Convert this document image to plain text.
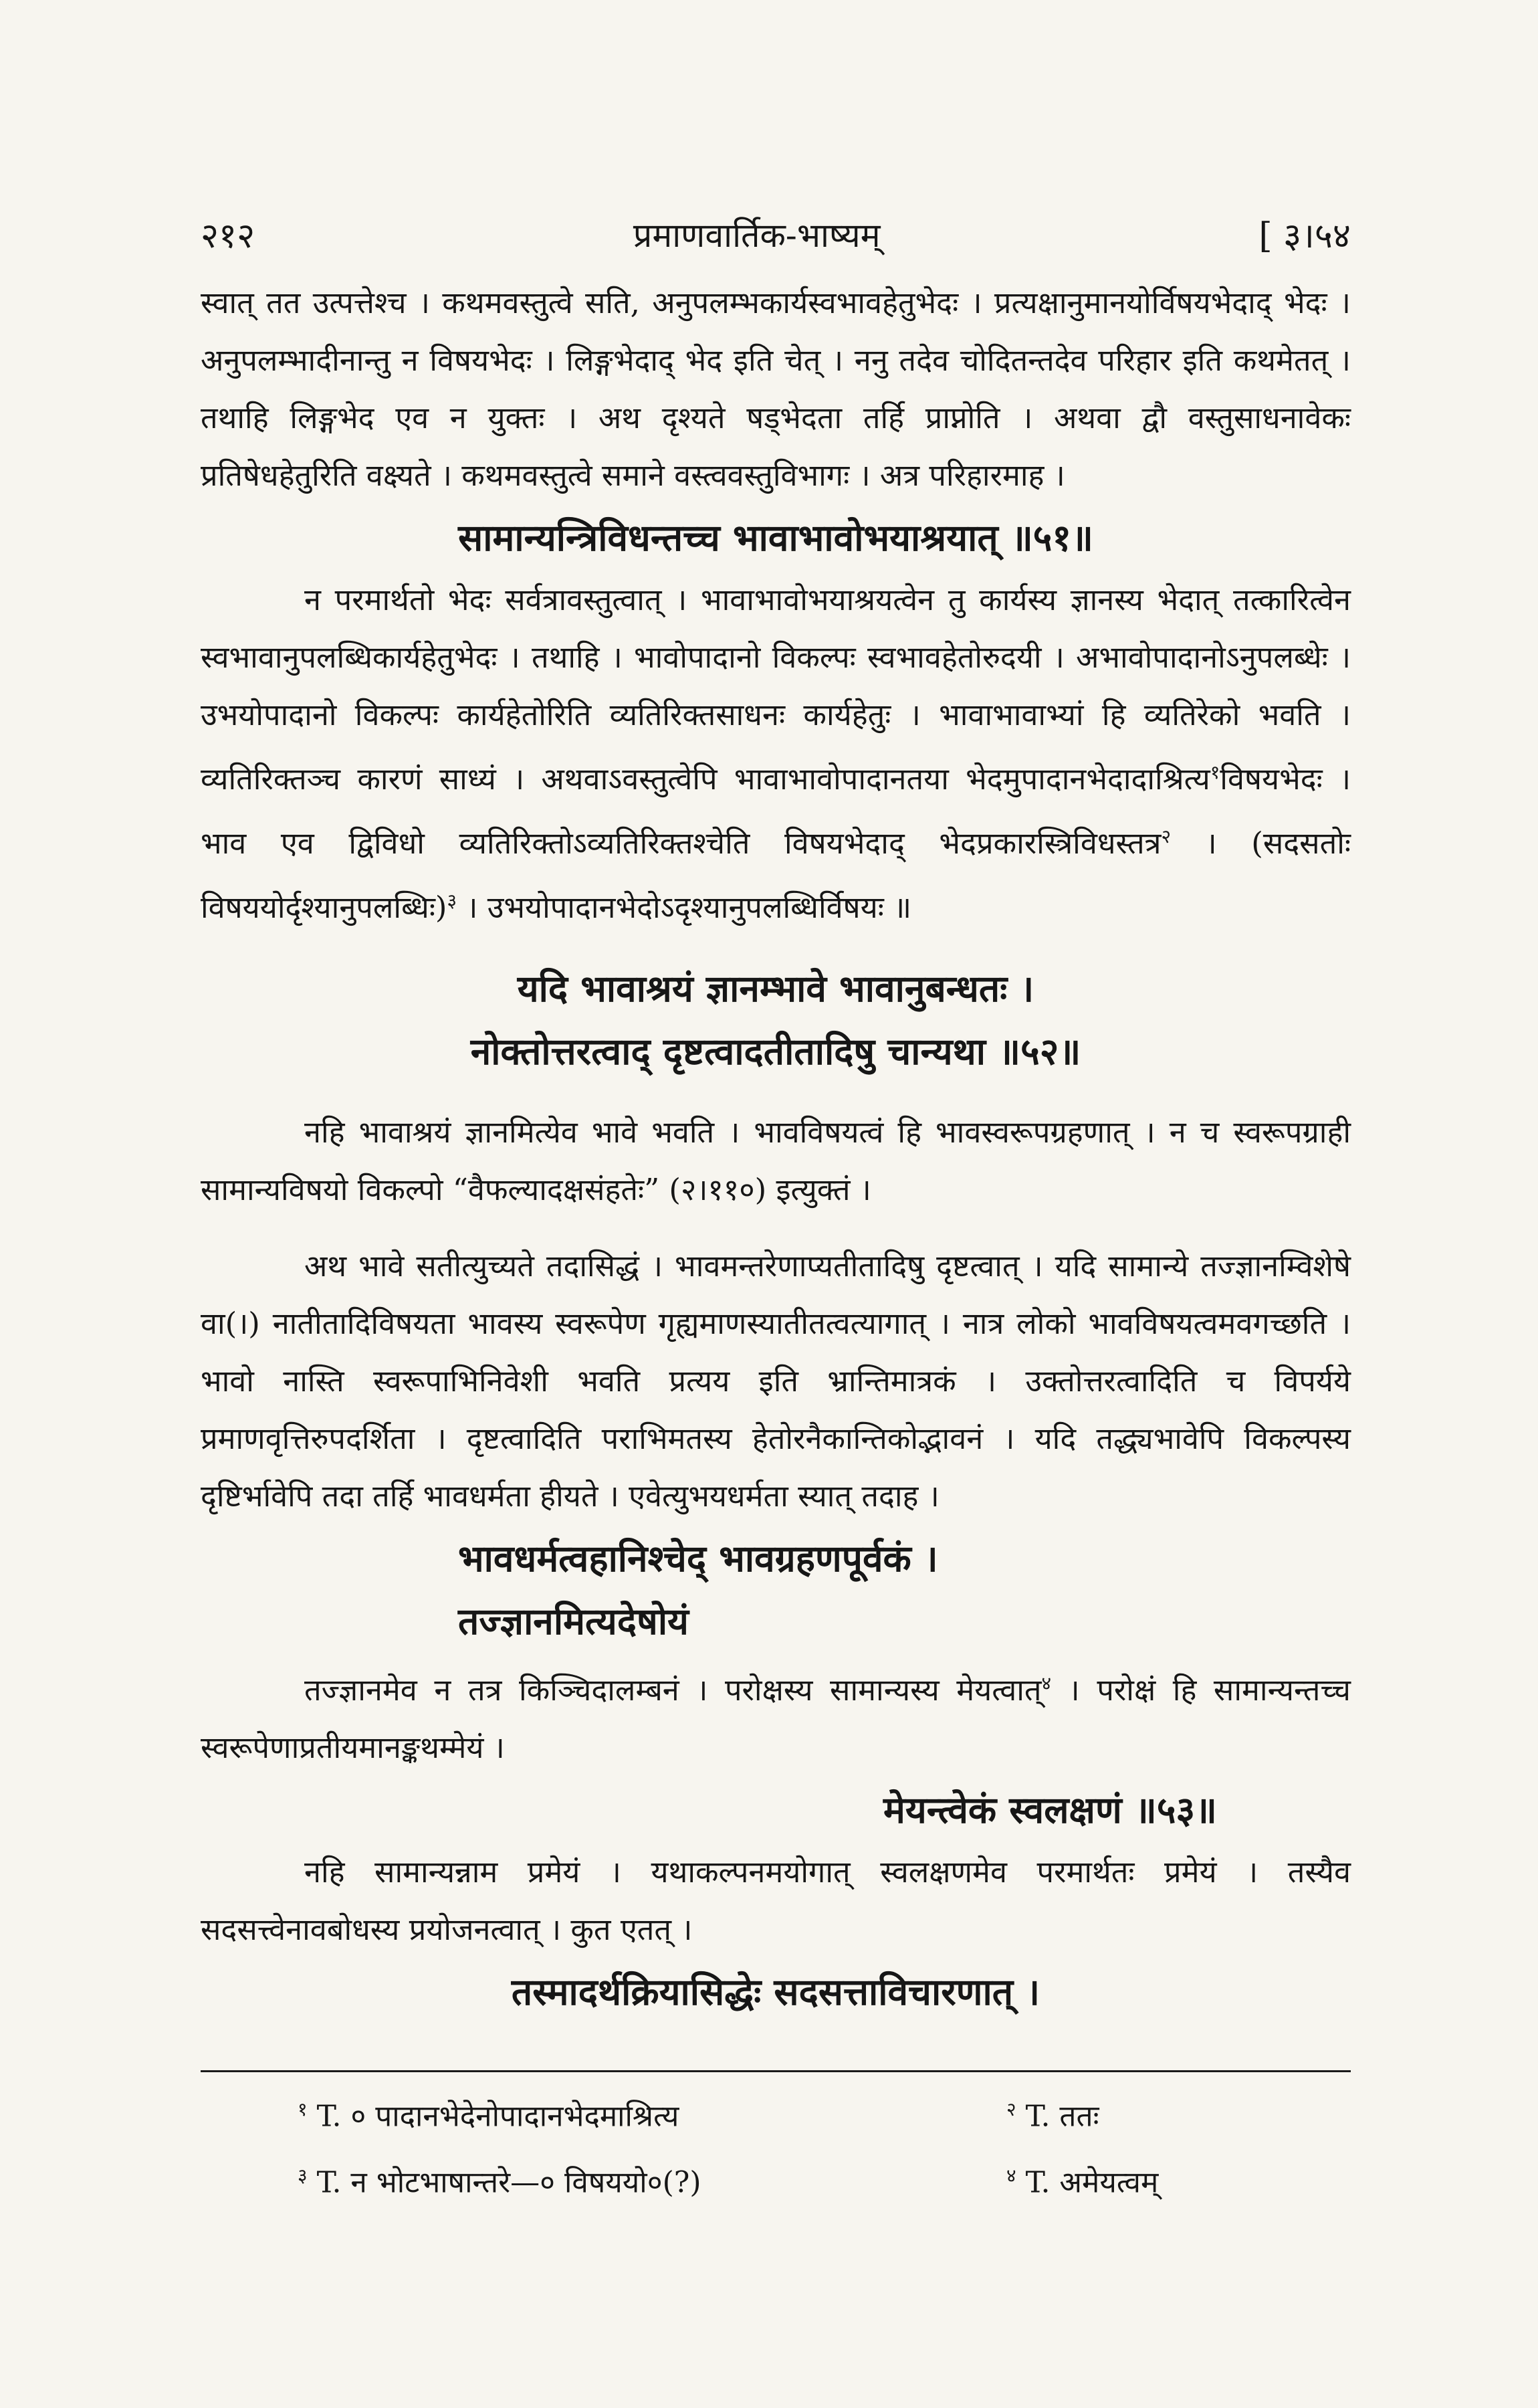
२१२	प्रमाणवार्तिक-भाष्यम्	[ ३।५४

स्वात् तत उत्पत्तेश्च । कथमवस्तुत्वे सति, अनुपलम्भकार्यस्वभावहेतुभेदः । प्रत्यक्षानुमानयोर्विषयभेदाद् भेदः । अनुपलम्भादीनान्तु न विषयभेदः । लिङ्गभेदाद् भेद इति चेत् । ननु तदेव चोदितन्तदेव परिहार इति कथमेतत् । तथाहि लिङ्गभेद एव न युक्तः । अथ दृश्यते षड्भेदता तर्हि प्राप्नोति । अथवा द्वौ वस्तुसाधनावेकः प्रतिषेधहेतुरिति वक्ष्यते । कथमवस्तुत्वे समाने वस्त्ववस्तुविभागः । अत्र परिहारमाह ।

सामान्यन्त्रिविधन्तच्च भावाभावोभयाश्रयात् ॥५१॥

न परमार्थतो भेदः सर्वत्रावस्तुत्वात् । भावाभावोभयाश्रयत्वेन तु कार्यस्य ज्ञानस्य भेदात् तत्कारित्वेन स्वभावानुपलब्धिकार्यहेतुभेदः । तथाहि । भावोपादानो विकल्पः स्वभावहेतोरुदयी । अभावोपादानोऽनुपलब्धेः । उभयोपादानो विकल्पः कार्यहेतोरिति व्यतिरिक्तसाधनः कार्यहेतुः । भावाभावाभ्यां हि व्यतिरेको भवति । व्यतिरिक्तञ्च कारणं साध्यं । अथवाऽवस्तुत्वेपि भावाभावोपादानतया भेदमुपादानभेदादाश्रित्य$^१$विषयभेदः । भाव एव द्विविधो व्यतिरिक्तोऽव्यतिरिक्तश्चेति विषयभेदाद् भेदप्रकारस्त्रिविधस्तत्र$^२$ । (सदसतोः विषययोर्दृश्यानुपलब्धिः)$^३$ । उभयोपादानभेदोऽदृश्यानुपलब्धिर्विषयः ॥

यदि भावाश्रयं ज्ञानम्भावे भावानुबन्धतः ।
नोक्तोत्तरत्वाद् दृष्टत्वादतीतादिषु चान्यथा ॥५२॥

नहि भावाश्रयं ज्ञानमित्येव भावे भवति । भावविषयत्वं हि भावस्वरूपग्रहणात् । न च स्वरूपग्राही सामान्यविषयो विकल्पो “वैफल्यादक्षसंहतेः” (२।११०) इत्युक्तं ।

अथ भावे सतीत्युच्यते तदासिद्धं । भावमन्तरेणाप्यतीतादिषु दृष्टत्वात् । यदि सामान्ये तज्ज्ञानम्विशेषे वा(।) नातीतादिविषयता भावस्य स्वरूपेण गृह्यमाणस्यातीतत्वत्यागात् । नात्र लोको भावविषयत्वमवगच्छति । भावो नास्ति स्वरूपाभिनिवेशी भवति प्रत्यय इति भ्रान्तिमात्रकं । उक्तोत्तरत्वादिति च विपर्यये प्रमाणवृत्तिरुपदर्शिता । दृष्टत्वादिति पराभिमतस्य हेतोरनैकान्तिकोद्भावनं । यदि तद्ध्यभावेपि विकल्पस्य दृष्टिर्भावेपि तदा तर्हि भावधर्मता हीयते । एवेत्युभयधर्मता स्यात् तदाह ।

भावधर्मत्वहानिश्चेद् भावग्रहणपूर्वकं ।
तज्ज्ञानमित्यदेषोयं

तज्ज्ञानमेव न तत्र किञ्चिदालम्बनं । परोक्षस्य सामान्यस्य मेयत्वात्$^४$ । परोक्षं हि सामान्यन्तच्च स्वरूपेणाप्रतीयमानङ्कथम्मेयं ।

मेयन्त्वेकं स्वलक्षणं ॥५३॥

नहि सामान्यन्नाम प्रमेयं । यथाकल्पनमयोगात् स्वलक्षणमेव परमार्थतः प्रमेयं । तस्यैव सदसत्त्वेनावबोधस्य प्रयोजनत्वात् । कुत एतत् ।

तस्मादर्थक्रियासिद्धेः सदसत्ताविचारणात् ।
$^१$ T. ० पादानभेदेनोपादानभेदमाश्रित्य	$^२$ T. ततः
$^३$ T. न भोटभाषान्तरे—० विषययो०(?)	$^४$ T. अमेयत्वम्
